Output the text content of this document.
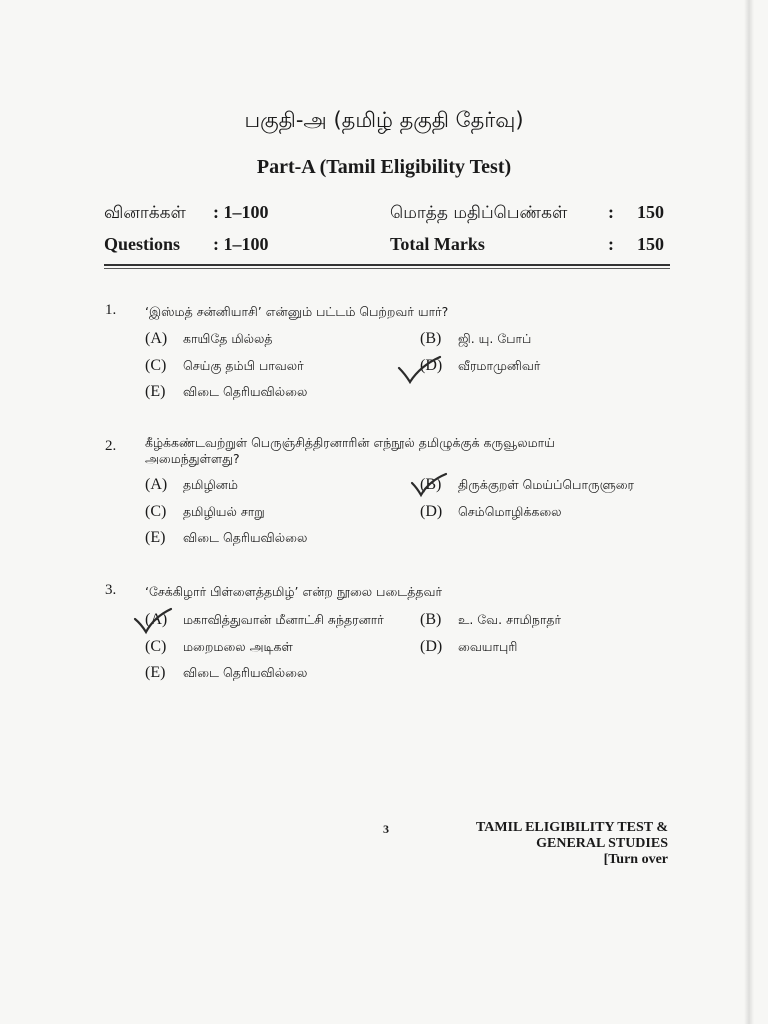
பகுதி-அ (தமிழ் தகுதி தேர்வு)
Part-A (Tamil Eligibility Test)
வினாக்கள் : 1–100	மொத்த மதிப்பெண்கள் : 150
Questions : 1–100	Total Marks	: 150
1. ‘இஸ்மத் சன்னியாசி’ என்னும் பட்டம் பெற்றவர் யார்?
(A) காயிதே மில்லத்	(B) ஜி. யு. போப்
(C) செய்கு தம்பி பாவலர்	(D) வீரமாமுனிவர்
(E) விடை தெரியவில்லை
2. கீழ்க்கண்டவற்றுள் பெருஞ்சித்திரனாரின் எந்நூல் தமிழுக்குக் கருவூலமாய்
அமைந்துள்ளது?
(A) தமிழினம்	(B) திருக்குறள் மெய்ப்பொருளுரை
(C) தமிழியல் சாறு	(D) செம்மொழிக்கலை
(E) விடை தெரியவில்லை
3. ‘சேக்கிழார் பிள்ளைத்தமிழ்’ என்ற நூலை படைத்தவர்
(A) மகாவித்துவான் மீனாட்சி சுந்தரனார் (B) உ. வே. சாமிநாதர்
(C) மறைமலை அடிகள்	(D) வையாபுரி
(E) விடை தெரியவில்லை
3	TAMIL ELIGIBILITY TEST &
GENERAL STUDIES
[Turn over
